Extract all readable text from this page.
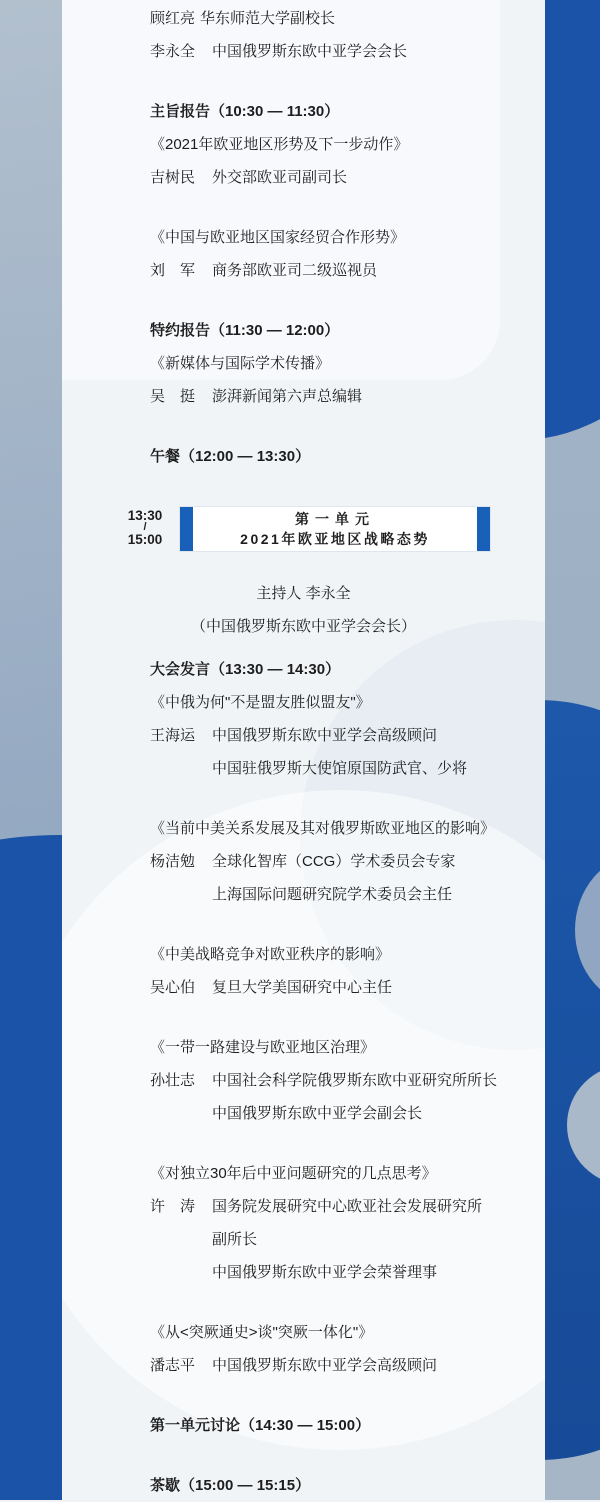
顾红亮 华东师范大学副校长
李永全 中国俄罗斯东欧中亚学会会长
主旨报告（10:30 — 11:30）
《2021年欧亚地区形势及下一步动作》
吉树民 外交部欧亚司副司长
《中国与欧亚地区国家经贸合作形势》
刘　军 商务部欧亚司二级巡视员
特约报告（11:30 — 12:00）
《新媒体与国际学术传播》
吴　挺 澎湃新闻第六声总编辑
午餐（12:00 — 13:30）
13:30
/
15:00
第一单元
2021年欧亚地区战略态势
主持人 李永全
（中国俄罗斯东欧中亚学会会长）
大会发言（13:30 — 14:30）
《中俄为何"不是盟友胜似盟友"》
王海运 中国俄罗斯东欧中亚学会高级顾问
中国驻俄罗斯大使馆原国防武官、少将
《当前中美关系发展及其对俄罗斯欧亚地区的影响》
杨洁勉 全球化智库（CCG）学术委员会专家
上海国际问题研究院学术委员会主任
《中美战略竞争对欧亚秩序的影响》
吴心伯 复旦大学美国研究中心主任
《一带一路建设与欧亚地区治理》
孙壮志 中国社会科学院俄罗斯东欧中亚研究所所长
中国俄罗斯东欧中亚学会副会长
《对独立30年后中亚问题研究的几点思考》
许　涛 国务院发展研究中心欧亚社会发展研究所
副所长
中国俄罗斯东欧中亚学会荣誉理事
《从<突厥通史>谈"突厥一体化"》
潘志平 中国俄罗斯东欧中亚学会高级顾问
第一单元讨论（14:30 — 15:00）
茶歇（15:00 — 15:15）
